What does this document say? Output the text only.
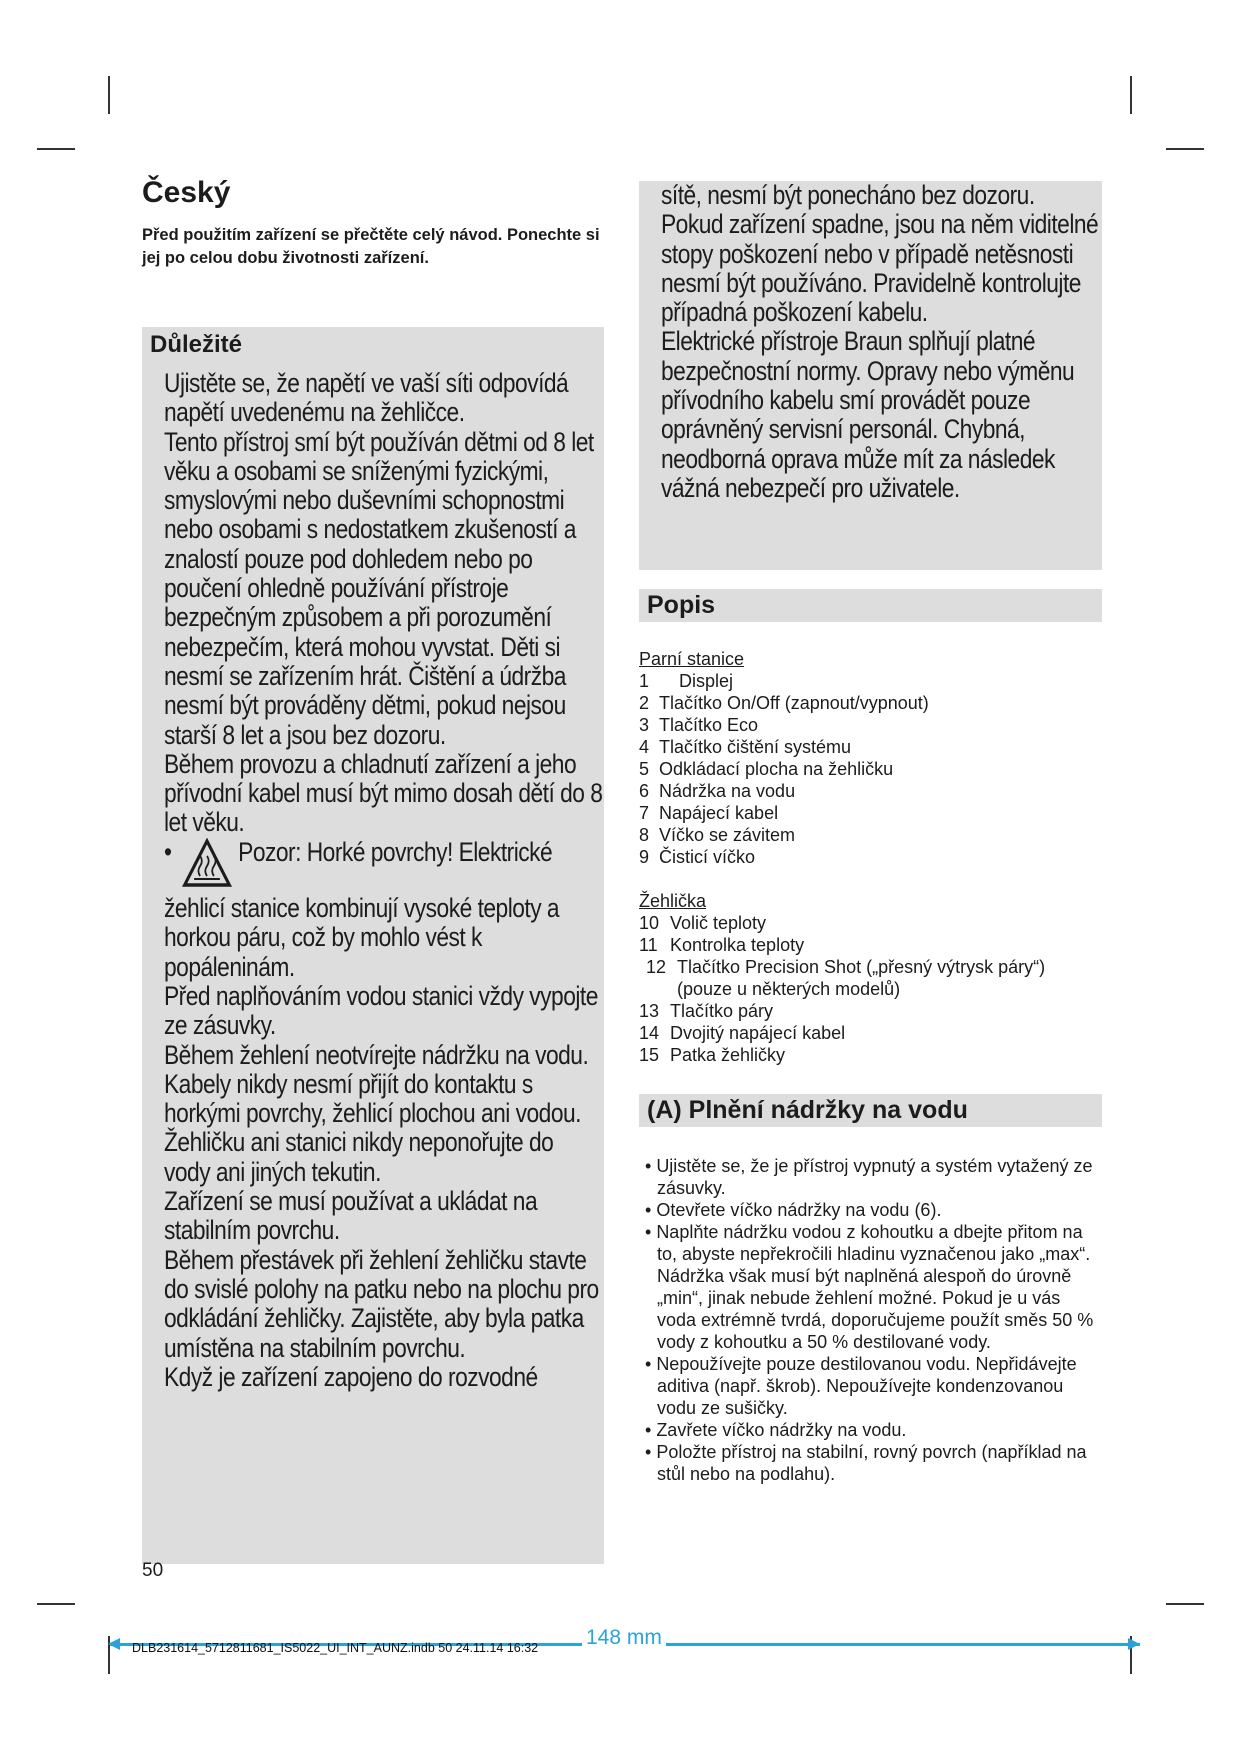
Český

Před použitím zařízení se přečtěte celý návod. Ponechte si jej po celou dobu životnosti zařízení.

Důležité

Ujistěte se, že napětí ve vaší síti odpovídá napětí uvedenému na žehličce.

Tento přístroj smí být používán dětmi od 8 let věku a osobami se sníženými fyzickými, smyslovými nebo duševními schopnostmi nebo osobami s nedostatkem zkušeností a znalostí pouze pod dohledem nebo po poučení ohledně používání přístroje bezpečným způsobem a při porozumění nebezpečím, která mohou vyvstat. Děti si nesmí se zařízením hrát. Čištění a údržba nesmí být prováděny dětmi, pokud nejsou starší 8 let a jsou bez dozoru.

Během provozu a chladnutí zařízení a jeho přívodní kabel musí být mimo dosah dětí do 8 let věku.

•	Pozor: Horké povrchy! Elektrické žehlicí stanice kombinují vysoké teploty a horkou páru, což by mohlo vést k popáleninám.

Před naplňováním vodou stanici vždy vypojte ze zásuvky.

Během žehlení neotvírejte nádržku na vodu.

Kabely nikdy nesmí přijít do kontaktu s horkými povrchy, žehlicí plochou ani vodou.

Žehličku ani stanici nikdy neponořujte do vody ani jiných tekutin.

Zařízení se musí používat a ukládat na stabilním povrchu.

Během přestávek při žehlení žehličku stavte do svislé polohy na patku nebo na plochu pro odkládání žehličky. Zajistěte, aby byla patka umístěna na stabilním povrchu.

Když je zařízení zapojeno do rozvodné

50

sítě, nesmí být ponecháno bez dozoru.

Pokud zařízení spadne, jsou na něm viditelné stopy poškození nebo v případě netěsnosti nesmí být používáno. Pravidelně kontrolujte případná poškození kabelu.

Elektrické přístroje Braun splňují platné bezpečnostní normy. Opravy nebo výměnu přívodního kabelu smí provádět pouze oprávněný servisní personál. Chybná, neodborná oprava může mít za následek vážná nebezpečí pro uživatele.

Popis

Parní stanice

1 Displej
2 Tlačítko On/Off (zapnout/vypnout)
3 Tlačítko Eco
4 Tlačítko čištění systému
5 Odkládací plocha na žehličku
6 Nádržka na vodu
7 Napájecí kabel
8 Víčko se závitem
9 Čisticí víčko

Žehlička

10 Volič teploty
11 Kontrolka teploty
12 Tlačítko Precision Shot („přesný výtrysk páry“) (pouze u některých modelů)
13 Tlačítko páry
14 Dvojitý napájecí kabel
15 Patka žehličky
(A) Plnění nádržky na vodu
• Ujistěte se, že je přístroj vypnutý a systém vytažený ze zásuvky.
• Otevřete víčko nádržky na vodu (6).
• Naplňte nádržku vodou z kohoutku a dbejte přitom na to, abyste nepřekročili hladinu vyznačenou jako „max“. Nádržka však musí být naplněná alespoň do úrovně „min“, jinak nebude žehlení možné. Pokud je u vás voda extrémně tvrdá, doporučujeme použít směs 50 % vody z kohoutku a 50 % destilované vody.
• Nepoužívejte pouze destilovanou vodu. Nepřidávejte aditiva (např. škrob). Nepoužívejte kondenzovanou vodu ze sušičky.
• Zavřete víčko nádržky na vodu.
• Položte přístroj na stabilní, rovný povrch (například na stůl nebo na podlahu).
148 mm
DLB231614_5712811681_IS5022_UI_INT_AUNZ.indb 50 24.11.14 16:32
